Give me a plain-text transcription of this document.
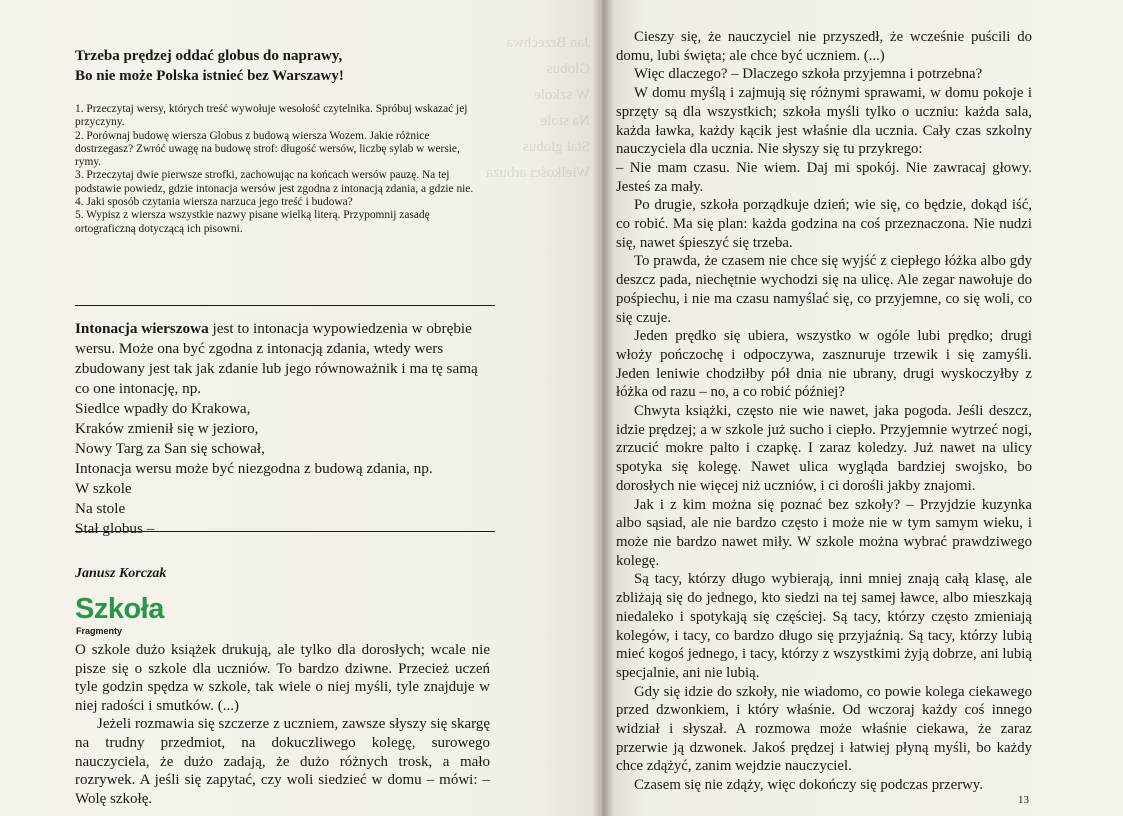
Jan Brzechwa
Globus
W szkole
Na stole
Stał globus
Wielkości arbuza
Trzeba prędzej oddać globus do naprawy,
Bo nie może Polska istnieć bez Warszawy!
1. Przeczytaj wersy, których treść wywołuje wesołość czytelnika. Spróbuj wskazać jej przyczyny.
2. Porównaj budowę wiersza Globus z budową wiersza Wozem. Jakie różnice dostrzegasz? Zwróć uwagę na budowę strof: długość wersów, liczbę sylab w wersie, rymy.
3. Przeczytaj dwie pierwsze strofki, zachowując na końcach wersów pauzę. Na tej podstawie powiedz, gdzie intonacja wersów jest zgodna z intonacją zdania, a gdzie nie.
4. Jaki sposób czytania wiersza narzuca jego treść i budowa?
5. Wypisz z wiersza wszystkie nazwy pisane wielką literą. Przypomnij zasadę ortograficzną dotyczącą ich pisowni.

Intonacja wierszowa jest to intonacja wypowiedzenia w obrębie wersu. Może ona być zgodna z intonacją zdania, wtedy wers zbudowany jest tak jak zdanie lub jego równoważnik i ma tę samą co one intonację, np.

Siedlce wpadły do Krakowa,
Kraków zmienił się w jezioro,
Nowy Targ za San się schował,

Intonacja wersu może być niezgodna z budową zdania, np.

W szkole
Na stole
Stał globus –
Janusz Korczak
Szkoła
Fragmenty

O szkole dużo książek drukują, ale tylko dla dorosłych; wcale nie pisze się o szkole dla uczniów. To bardzo dziwne. Przecież uczeń tyle godzin spędza w szkole, tak wiele o niej myśli, tyle znajduje w niej radości i smutków. (...)

Jeżeli rozmawia się szczerze z uczniem, zawsze słyszy się skargę na trudny przedmiot, na dokuczliwego kolegę, surowego nauczyciela, że dużo zadają, że dużo różnych trosk, a mało rozrywek. A jeśli się zapytać, czy woli siedzieć w domu – mówi: – Wolę szkołę.

Cieszy się, że nauczyciel nie przyszedł, że wcześnie puścili do domu, lubi święta; ale chce być uczniem. (...)

Więc dlaczego? – Dlaczego szkoła przyjemna i potrzebna?

W domu myślą i zajmują się różnymi sprawami, w domu pokoje i sprzęty są dla wszystkich; szkoła myśli tylko o uczniu: każda sala, każda ławka, każdy kącik jest właśnie dla ucznia. Cały czas szkolny nauczyciela dla ucznia. Nie słyszy się tu przykrego:

– Nie mam czasu. Nie wiem. Daj mi spokój. Nie zawracaj głowy. Jesteś za mały.

Po drugie, szkoła porządkuje dzień; wie się, co będzie, dokąd iść, co robić. Ma się plan: każda godzina na coś przeznaczona. Nie nudzi się, nawet śpieszyć się trzeba.

To prawda, że czasem nie chce się wyjść z ciepłego łóżka albo gdy deszcz pada, niechętnie wychodzi się na ulicę. Ale zegar nawołuje do pośpiechu, i nie ma czasu namyślać się, co przyjemne, co się woli, co się czuje.

Jeden prędko się ubiera, wszystko w ogóle lubi prędko; drugi włoży pończochę i odpoczywa, zasznuruje trzewik i się zamyśli. Jeden leniwie chodziłby pół dnia nie ubrany, drugi wyskoczyłby z łóżka od razu – no, a co robić później?

Chwyta książki, często nie wie nawet, jaka pogoda. Jeśli deszcz, idzie prędzej; a w szkole już sucho i ciepło. Przyjemnie wytrzeć nogi, zrzucić mokre palto i czapkę. I zaraz koledzy. Już nawet na ulicy spotyka się kolegę. Nawet ulica wygląda bardziej swojsko, bo dorosłych nie więcej niż uczniów, i ci dorośli jakby znajomi.

Jak i z kim można się poznać bez szkoły? – Przyjdzie kuzynka albo sąsiad, ale nie bardzo często i może nie w tym samym wieku, i może nie bardzo nawet miły. W szkole można wybrać prawdziwego kolegę.

Są tacy, którzy długo wybierają, inni mniej znają całą klasę, ale zbliżają się do jednego, kto siedzi na tej samej ławce, albo mieszkają niedaleko i spotykają się częściej. Są tacy, którzy często zmieniają kolegów, i tacy, co bardzo długo się przyjaźnią. Są tacy, którzy lubią mieć kogoś jednego, i tacy, którzy z wszystkimi żyją dobrze, ani lubią specjalnie, ani nie lubią.

Gdy się idzie do szkoły, nie wiadomo, co powie kolega ciekawego przed dzwonkiem, i który właśnie. Od wczoraj każdy coś innego widział i słyszał. A rozmowa może właśnie ciekawa, że zaraz przerwie ją dzwonek. Jakoś prędzej i łatwiej płyną myśli, bo każdy chce zdążyć, zanim wejdzie nauczyciel.

Czasem się nie zdąży, więc dokończy się podczas przerwy.

13
